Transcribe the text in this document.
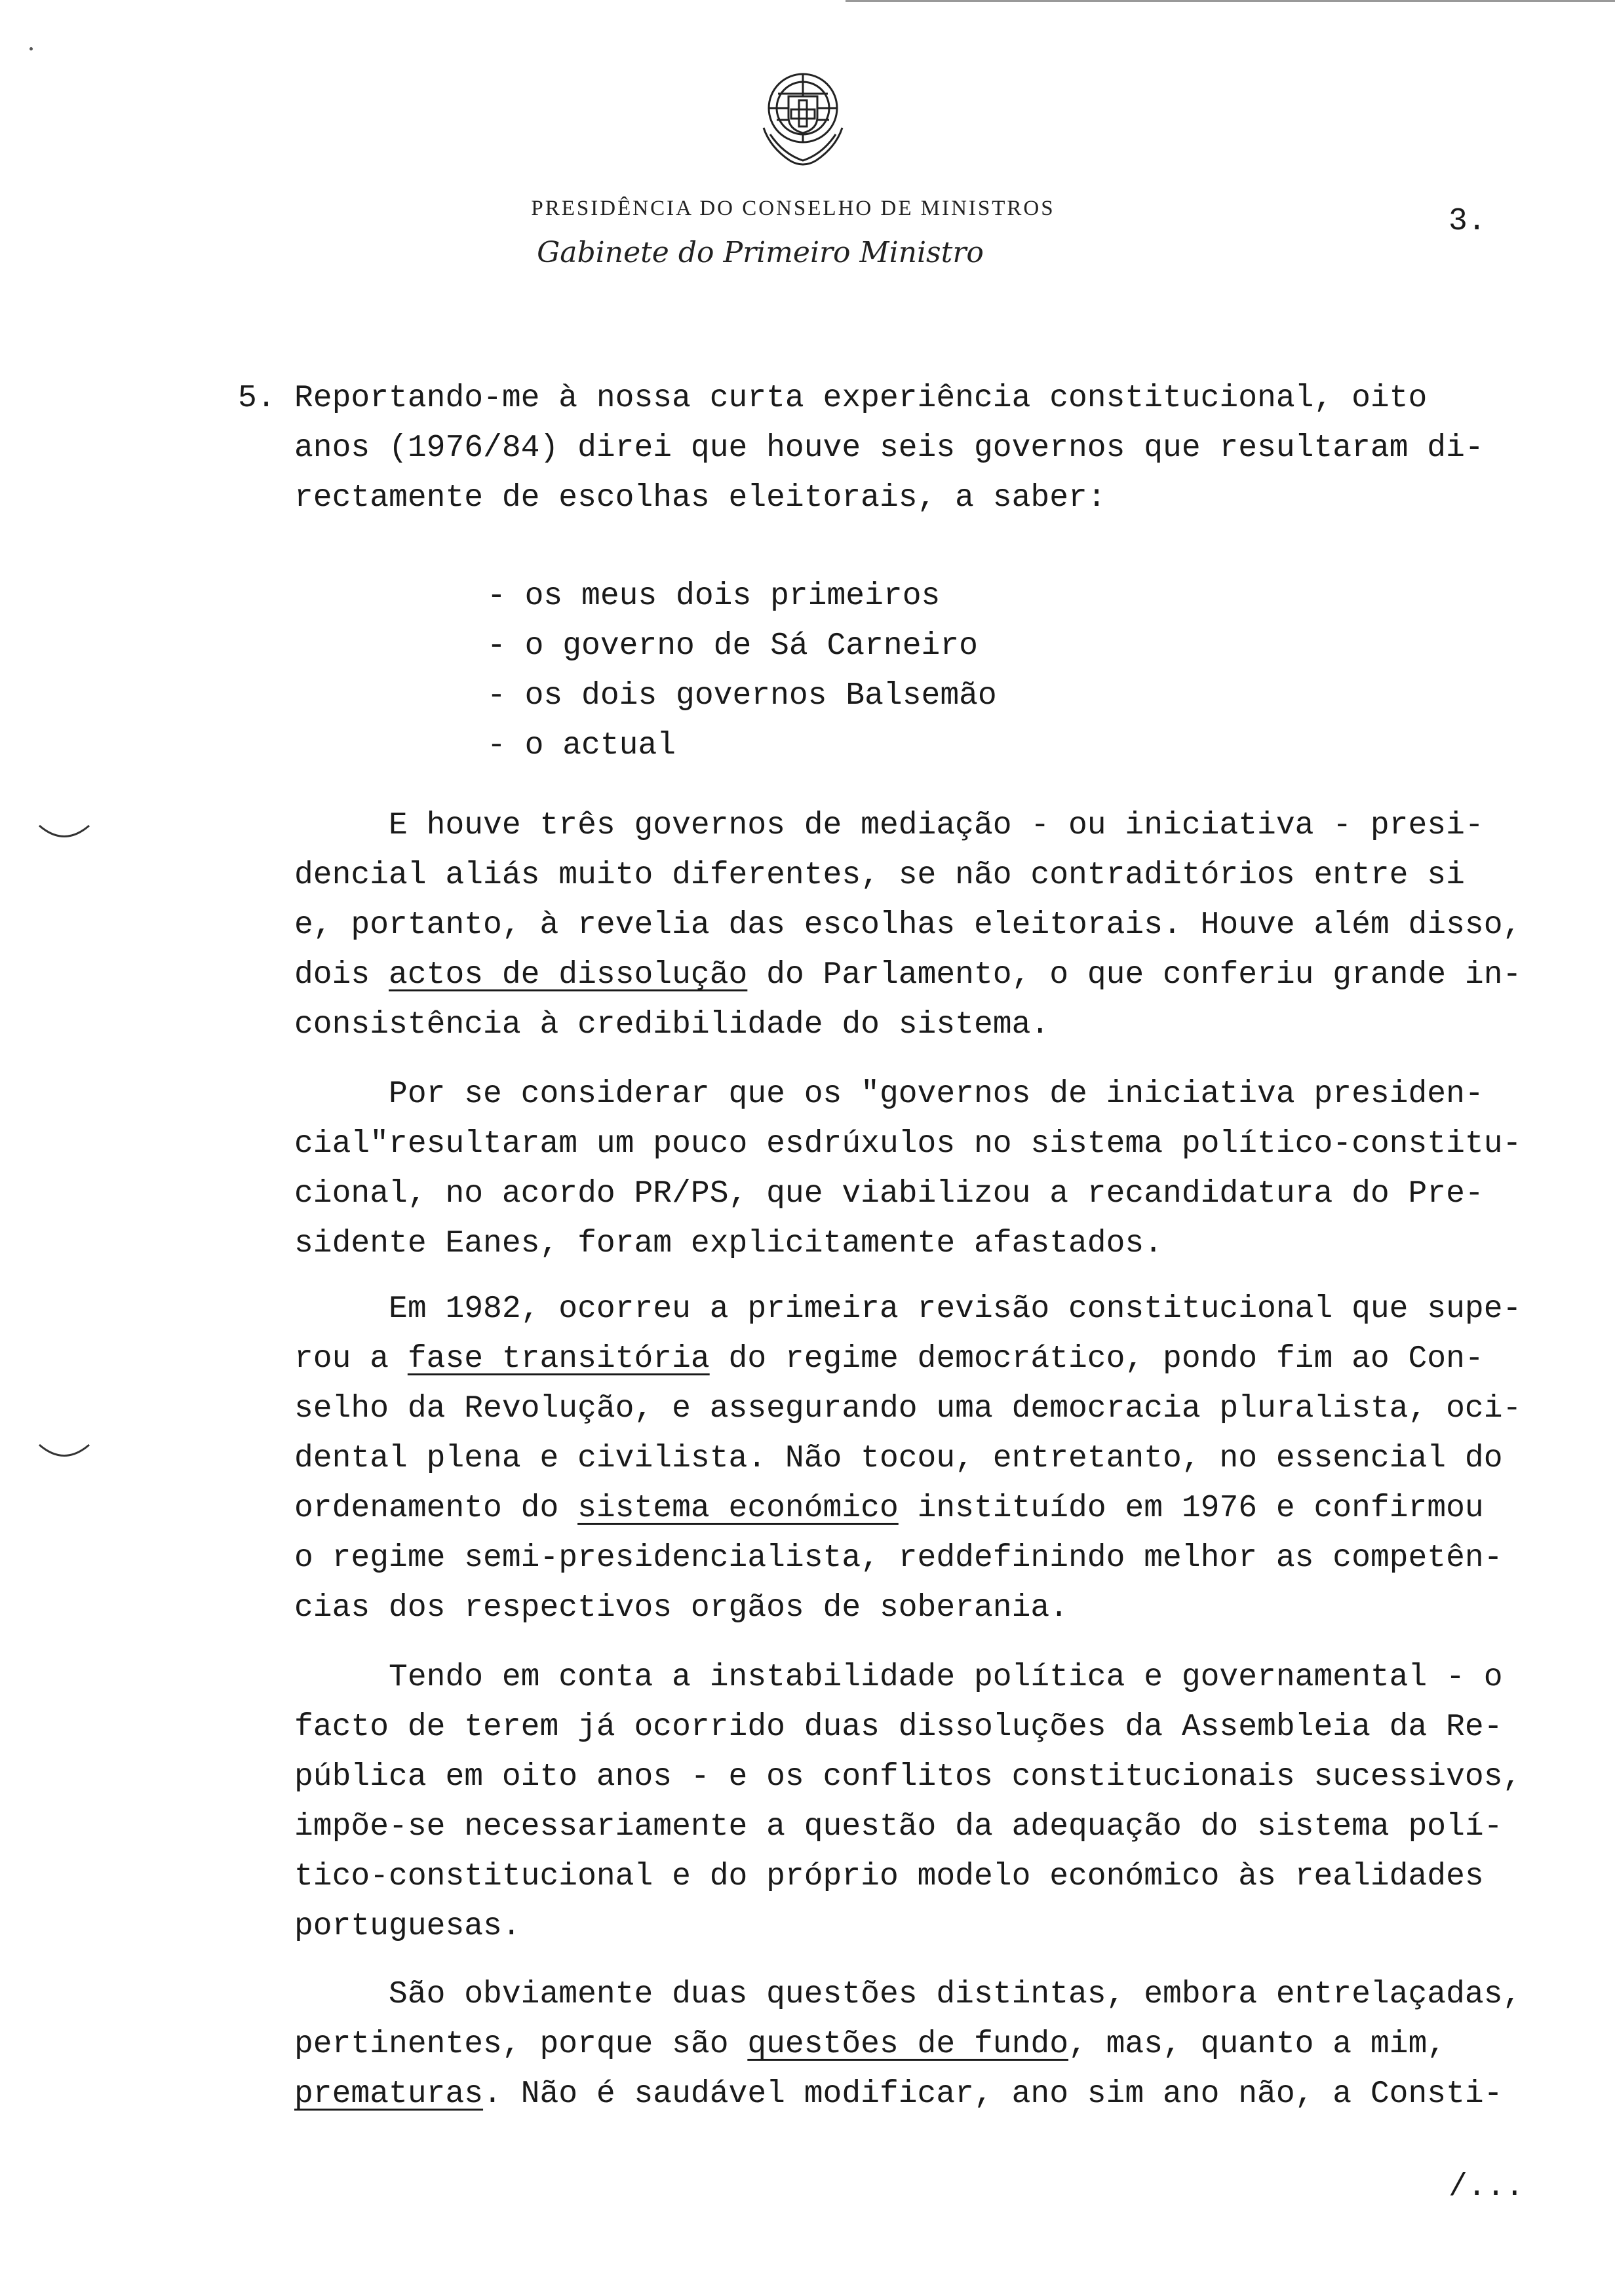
PRESIDÊNCIA DO CONSELHO DE MINISTROS
Gabinete do Primeiro Ministro
3.
5. Reportando-me à nossa curta experiência constitucional, oito
anos (1976/84) direi que houve seis governos que resultaram di-
rectamente de escolhas eleitorais, a saber:
- os meus dois primeiros
- o governo de Sá Carneiro
- os dois governos Balsemão
- o actual
E houve três governos de mediação - ou iniciativa - presi-
dencial aliás muito diferentes, se não contraditórios entre si
e, portanto, à revelia das escolhas eleitorais. Houve além disso,
dois actos de dissolução do Parlamento, o que conferiu grande in-
consistência à credibilidade do sistema.
Por se considerar que os "governos de iniciativa presiden-
cial"resultaram um pouco esdrúxulos no sistema político-constitu-
cional, no acordo PR/PS, que viabilizou a recandidatura do Pre-
sidente Eanes, foram explicitamente afastados.
Em 1982, ocorreu a primeira revisão constitucional que supe-
rou a fase transitória do regime democrático, pondo fim ao Con-
selho da Revolução, e assegurando uma democracia pluralista, oci-
dental plena e civilista. Não tocou, entretanto, no essencial do
ordenamento do sistema económico instituído em 1976 e confirmou
o regime semi-presidencialista, reddefinindo melhor as competên-
cias dos respectivos orgãos de soberania.
Tendo em conta a instabilidade política e governamental - o
facto de terem já ocorrido duas dissoluções da Assembleia da Re-
pública em oito anos - e os conflitos constitucionais sucessivos,
impõe-se necessariamente a questão da adequação do sistema polí-
tico-constitucional e do próprio modelo económico às realidades
portuguesas.
São obviamente duas questões distintas, embora entrelaçadas,
pertinentes, porque são questões de fundo, mas, quanto a mim,
prematuras. Não é saudável modificar, ano sim ano não, a Consti-
/...
